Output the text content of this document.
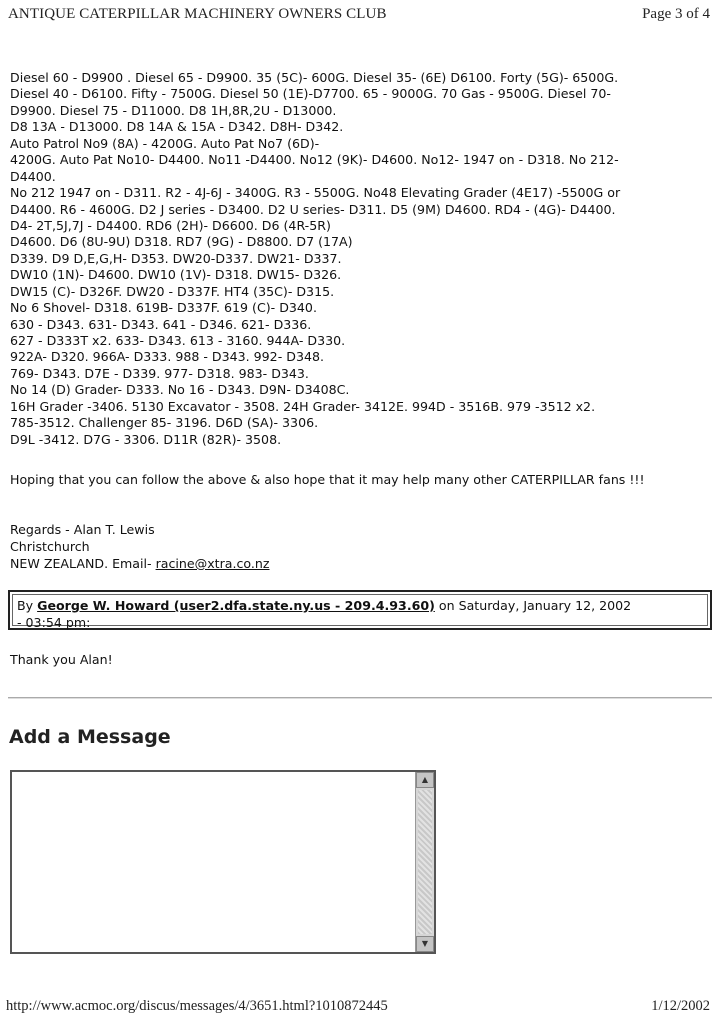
ANTIQUE CATERPILLAR MACHINERY OWNERS CLUB	Page 3 of 4
Diesel 60 - D9900 . Diesel 65 - D9900. 35 (5C)- 600G. Diesel 35- (6E) D6100. Forty (5G)- 6500G.
Diesel 40 - D6100. Fifty - 7500G. Diesel 50 (1E)-D7700. 65 - 9000G. 70 Gas - 9500G. Diesel 70-
D9900. Diesel 75 - D11000. D8 1H,8R,2U - D13000.
D8 13A - D13000. D8 14A & 15A - D342. D8H- D342.
Auto Patrol No9 (8A) - 4200G. Auto Pat No7 (6D)-
4200G. Auto Pat No10- D4400. No11 -D4400. No12 (9K)- D4600. No12- 1947 on - D318. No 212-
D4400.
No 212 1947 on - D311. R2 - 4J-6J - 3400G. R3 - 5500G. No48 Elevating Grader (4E17) -5500G or
D4400. R6 - 4600G. D2 J series - D3400. D2 U series- D311. D5 (9M) D4600. RD4 - (4G)- D4400.
D4- 2T,5J,7J - D4400. RD6 (2H)- D6600. D6 (4R-5R)
D4600. D6 (8U-9U) D318. RD7 (9G) - D8800. D7 (17A)
D339. D9 D,E,G,H- D353. DW20-D337. DW21- D337.
DW10 (1N)- D4600. DW10 (1V)- D318. DW15- D326.
DW15 (C)- D326F. DW20 - D337F. HT4 (35C)- D315.
No 6 Shovel- D318. 619B- D337F. 619 (C)- D340.
630 - D343. 631- D343. 641 - D346. 621- D336.
627 - D333T x2. 633- D343. 613 - 3160. 944A- D330.
922A- D320. 966A- D333. 988 - D343. 992- D348.
769- D343. D7E - D339. 977- D318. 983- D343.
No 14 (D) Grader- D333. No 16 - D343. D9N- D3408C.
16H Grader -3406. 5130 Excavator - 3508. 24H Grader- 3412E. 994D - 3516B. 979 -3512 x2.
785-3512. Challenger 85- 3196. D6D (SA)- 3306.
D9L -3412. D7G - 3306. D11R (82R)- 3508.
Hoping that you can follow the above & also hope that it may help many other CATERPILLAR fans !!!
Regards - Alan T. Lewis
Christchurch
NEW ZEALAND. Email- racine@xtra.co.nz
By George W. Howard (user2.dfa.state.ny.us - 209.4.93.60) on Saturday, January 12, 2002
- 03:54 pm:
Thank you Alan!
Add a Message
▲
▼
http://www.acmoc.org/discus/messages/4/3651.html?1010872445	1/12/2002
